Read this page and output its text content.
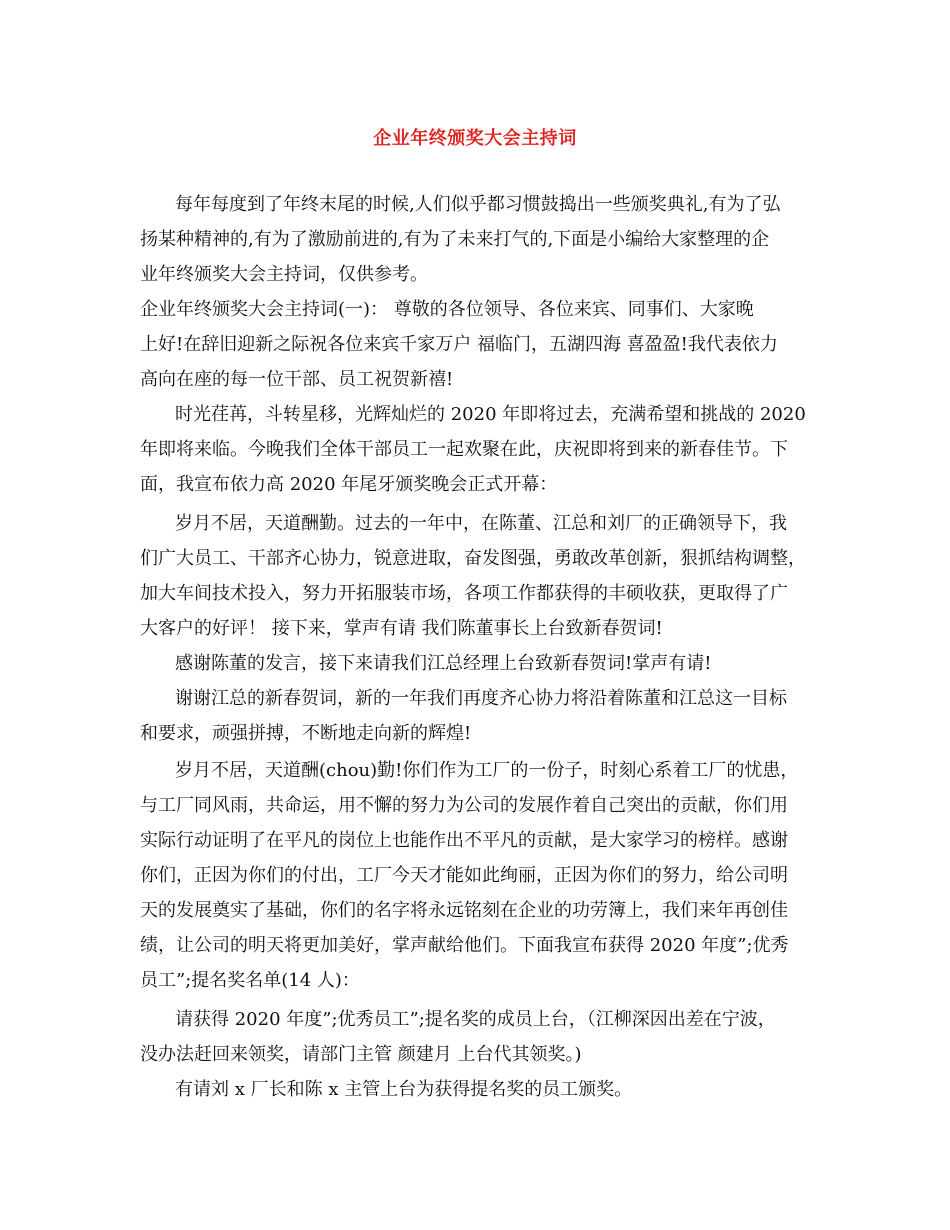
企业年终颁奖大会主持词
每年每度到了年终末尾的时候,人们似乎都习惯鼓捣出一些颁奖典礼,有为了弘
扬某种精神的,有为了激励前进的,有为了未来打气的,下面是小编给大家整理的企
业年终颁奖大会主持词，仅供参考。
企业年终颁奖大会主持词(一)： 尊敬的各位领导、各位来宾、同事们、大家晚
上好!在辞旧迎新之际祝各位来宾千家万户 福临门，五湖四海 喜盈盈!我代表依力
高向在座的每一位干部、员工祝贺新禧!
时光荏苒，斗转星移，光辉灿烂的 2020 年即将过去，充满希望和挑战的 2020
年即将来临。今晚我们全体干部员工一起欢聚在此，庆祝即将到来的新春佳节。下
面，我宣布依力高 2020 年尾牙颁奖晚会正式开幕：
岁月不居，天道酬勤。过去的一年中，在陈董、江总和刘厂的正确领导下，我
们广大员工、干部齐心协力，锐意进取，奋发图强，勇敢改革创新，狠抓结构调整，
加大车间技术投入，努力开拓服装市场，各项工作都获得的丰硕收获，更取得了广
大客户的好评！ 接下来，掌声有请 我们陈董事长上台致新春贺词!
感谢陈董的发言，接下来请我们江总经理上台致新春贺词!掌声有请!
谢谢江总的新春贺词，新的一年我们再度齐心协力将沿着陈董和江总这一目标
和要求，顽强拼搏，不断地走向新的辉煌!
岁月不居，天道酬(chou)勤!你们作为工厂的一份子，时刻心系着工厂的忧患，
与工厂同风雨，共命运，用不懈的努力为公司的发展作着自己突出的贡献，你们用
实际行动证明了在平凡的岗位上也能作出不平凡的贡献，是大家学习的榜样。感谢
你们，正因为你们的付出，工厂今天才能如此绚丽，正因为你们的努力，给公司明
天的发展奠实了基础，你们的名字将永远铭刻在企业的功劳簿上，我们来年再创佳
绩，让公司的明天将更加美好，掌声献给他们。下面我宣布获得 2020 年度”;优秀
员工”;提名奖名单(14 人)：
请获得 2020 年度”;优秀员工”;提名奖的成员上台，（江柳深因出差在宁波，
没办法赶回来领奖，请部门主管 颜建月 上台代其领奖。)
有请刘 x 厂长和陈 x 主管上台为获得提名奖的员工颁奖。
